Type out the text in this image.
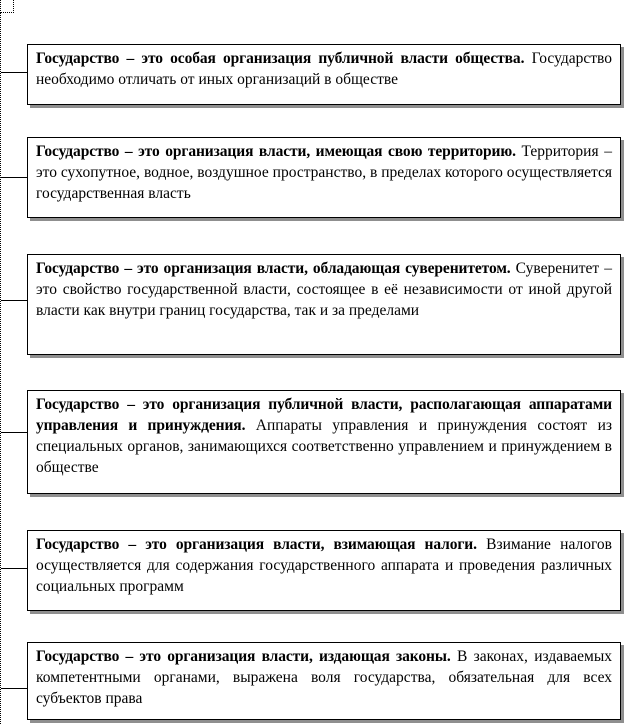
Государство – это особая организация публичной власти общества. Государство необходимо отличать от иных организаций в обществе
Государство – это организация власти, имеющая свою территорию. Территория – это сухопутное, водное, воздушное пространство, в пределах которого осуществляется государственная власть
Государство – это организация власти, обладающая суверенитетом. Суверенитет – это свойство государственной власти, состоящее в её независимости от иной другой власти как внутри границ государства, так и за пределами
Государство – это организация публичной власти, располагающая аппаратами управления и принуждения. Аппараты управления и принуждения состоят из специальных органов, занимающихся соответственно управлением и принуждением в обществе
Государство – это организация власти, взимающая налоги. Взимание налогов осуществляется для содержания государственного аппарата и проведения различных социальных программ
Государство – это организация власти, издающая законы. В законах, издаваемых компетентными органами, выражена воля государства, обязательная для всех субъектов права
